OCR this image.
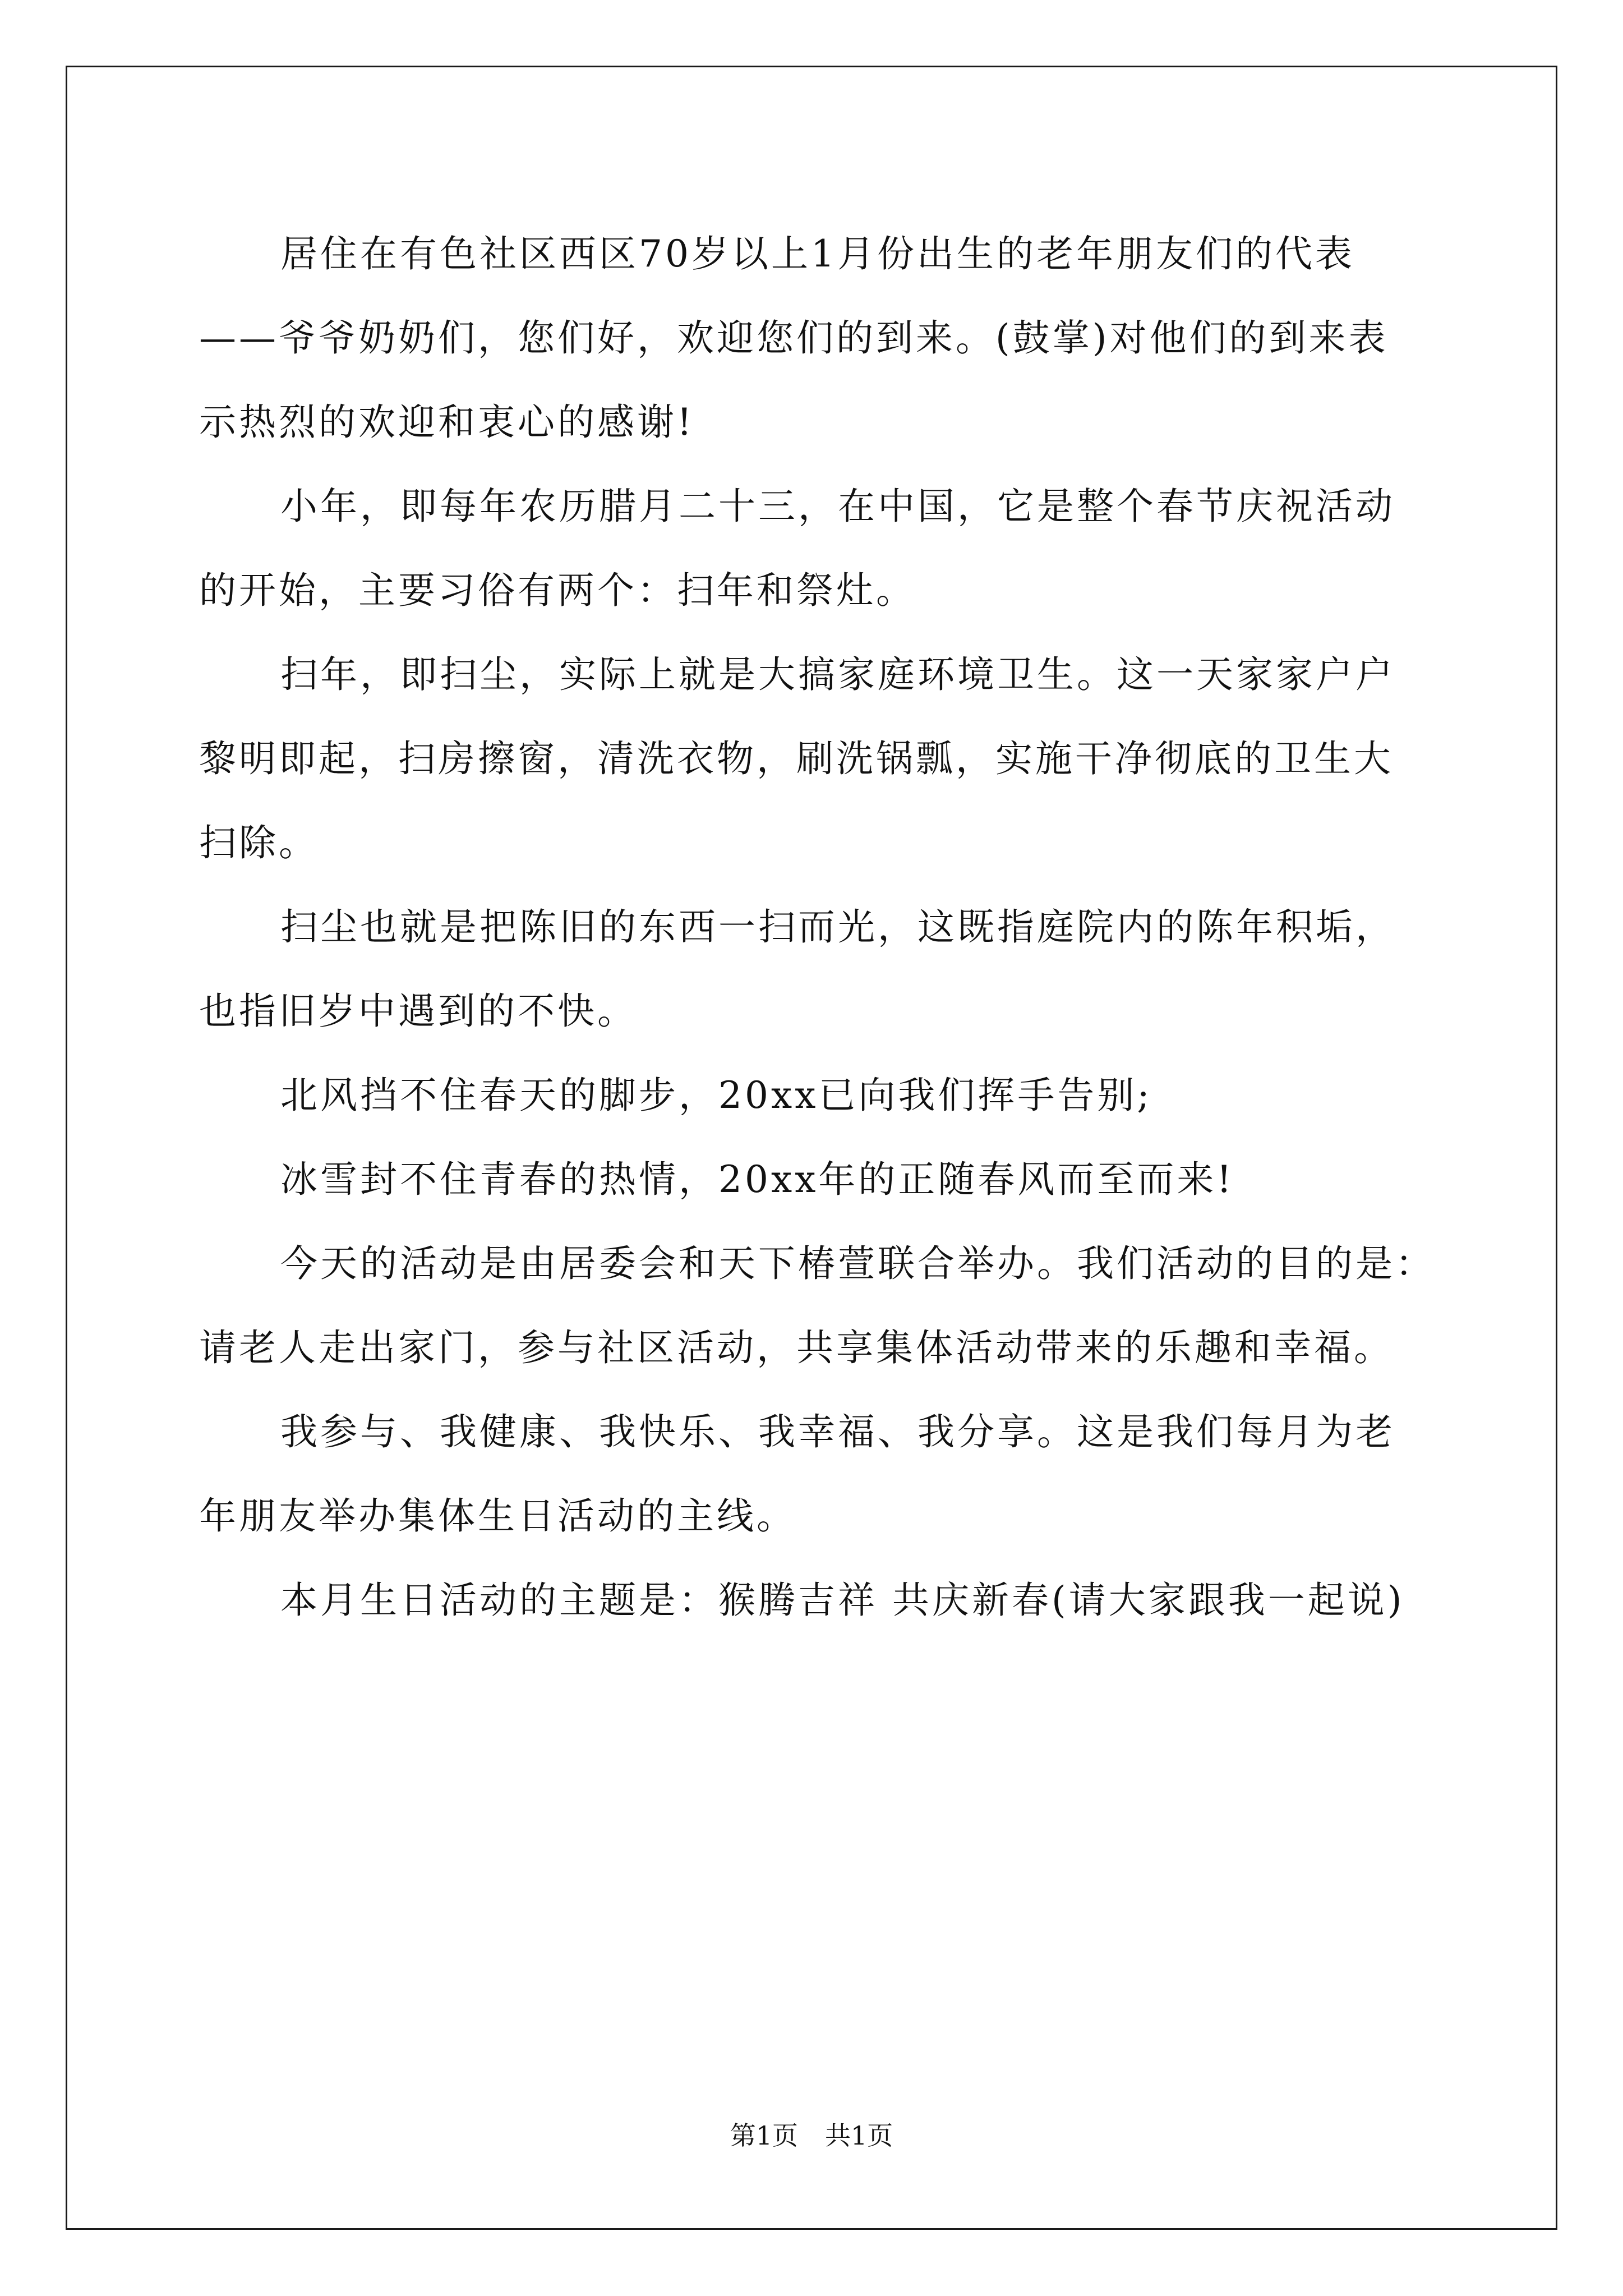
居住在有色社区西区70岁以上1月份出生的老年朋友们的代表

——爷爷奶奶们，您们好，欢迎您们的到来。(鼓掌)对他们的到来表

示热烈的欢迎和衷心的感谢!

小年，即每年农历腊月二十三，在中国，它是整个春节庆祝活动

的开始，主要习俗有两个：扫年和祭灶。

扫年，即扫尘，实际上就是大搞家庭环境卫生。这一天家家户户

黎明即起，扫房擦窗，清洗衣物，刷洗锅瓢，实施干净彻底的卫生大

扫除。

扫尘也就是把陈旧的东西一扫而光，这既指庭院内的陈年积垢，

也指旧岁中遇到的不快。

北风挡不住春天的脚步，20xx已向我们挥手告别;

冰雪封不住青春的热情，20xx年的正随春风而至而来!

今天的活动是由居委会和天下椿萱联合举办。我们活动的目的是：

请老人走出家门，参与社区活动，共享集体活动带来的乐趣和幸福。

我参与、我健康、我快乐、我幸福、我分享。这是我们每月为老

年朋友举办集体生日活动的主线。

本月生日活动的主题是：猴腾吉祥 共庆新春(请大家跟我一起说)

第1页 共1页
